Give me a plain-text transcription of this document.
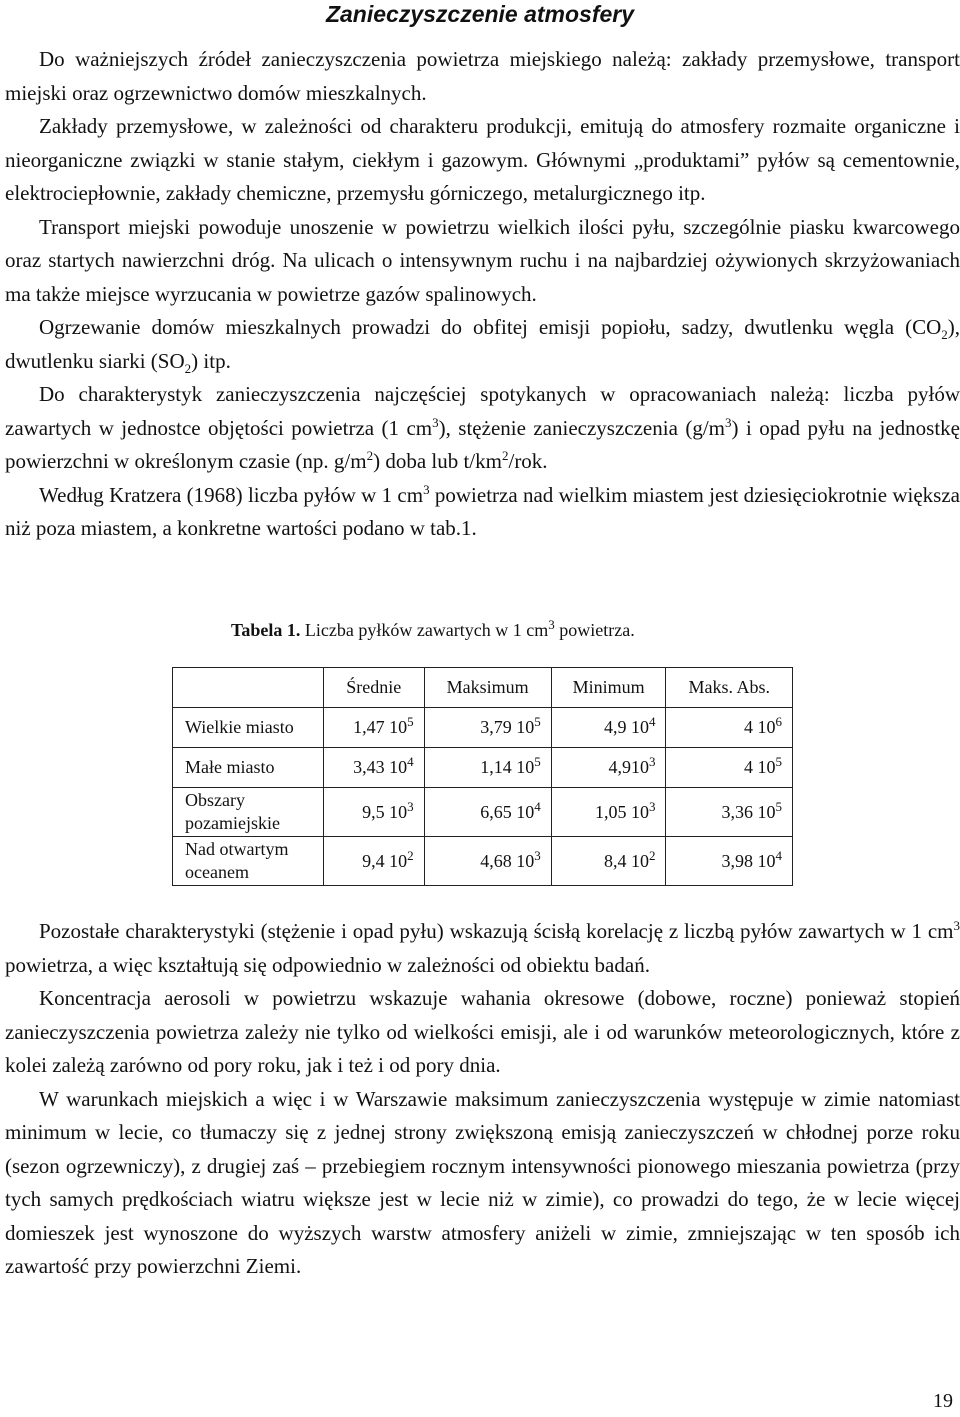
Zanieczyszczenie atmosfery

Do ważniejszych źródeł zanieczyszczenia powietrza miejskiego należą: zakłady przemysłowe, transport miejski oraz ogrzewnictwo domów mieszkalnych.

Zakłady przemysłowe, w zależności od charakteru produkcji, emitują do atmosfery rozmaite organiczne i nieorganiczne związki w stanie stałym, ciekłym i gazowym. Głównymi „produktami” pyłów są cementownie, elektrociepłownie, zakłady chemiczne, przemysłu górniczego, metalurgicznego itp.

Transport miejski powoduje unoszenie w powietrzu wielkich ilości pyłu, szczególnie piasku kwarcowego oraz startych nawierzchni dróg. Na ulicach o intensywnym ruchu i na najbardziej ożywionych skrzyżowaniach ma także miejsce wyrzucania w powietrze gazów spalinowych.

Ogrzewanie domów mieszkalnych prowadzi do obfitej emisji popiołu, sadzy, dwutlenku węgla $(CO_2)$, dwutlenku siarki $(SO_2)$ itp.

Do charakterystyk zanieczyszczenia najczęściej spotykanych w opracowaniach należą: liczba pyłów zawartych w jednostce objętości powietrza (1 $cm^3$), stężenie zanieczyszczenia $(g/m^3)$ i opad pyłu na jednostkę powierzchni w określonym czasie (np. $g/m^2$) doba lub $t/km^2$/rok.

Według Kratzera (1968) liczba pyłów w 1 $cm^3$ powietrza nad wielkim miastem jest dziesięciokrotnie większa niż poza miastem, a konkretne wartości podano w tab.1.

Tabela 1. Liczba pyłków zawartych w 1 $cm^3$ powietrza.
	Średnie	Maksimum	Minimum	Maks. Abs.
Wielkie miasto	1,47 $10^5$	3,79 $10^5$	4,9 $10^4$	4 $10^6$
Małe miasto	3,43 $10^4$	1,14 $10^5$	4,910$^3$	4 $10^5$
Obszary pozamiejskie	9,5 $10^3$	6,65 $10^4$	1,05 $10^3$	3,36 $10^5$
Nad otwartym oceanem	9,4 $10^2$	4,68 $10^3$	8,4 $10^2$	3,98 $10^4$

Pozostałe charakterystyki (stężenie i opad pyłu) wskazują ścisłą korelację z liczbą pyłów zawartych w 1 $cm^3$ powietrza, a więc kształtują się odpowiednio w zależności od obiektu badań.

Koncentracja aerosoli w powietrzu wskazuje wahania okresowe (dobowe, roczne) ponieważ stopień zanieczyszczenia powietrza zależy nie tylko od wielkości emisji, ale i od warunków meteorologicznych, które z kolei zależą zarówno od pory roku, jak i też i od pory dnia.

W warunkach miejskich a więc i w Warszawie maksimum zanieczyszczenia występuje w zimie natomiast minimum w lecie, co tłumaczy się z jednej strony zwiększoną emisją zanieczyszczeń w chłodnej porze roku (sezon ogrzewniczy), z drugiej zaś – przebiegiem rocznym intensywności pionowego mieszania powietrza (przy tych samych prędkościach wiatru większe jest w lecie niż w zimie), co prowadzi do tego, że w lecie więcej domieszek jest wynoszone do wyższych warstw atmosfery aniżeli w zimie, zmniejszając w ten sposób ich zawartość przy powierzchni Ziemi.

19
